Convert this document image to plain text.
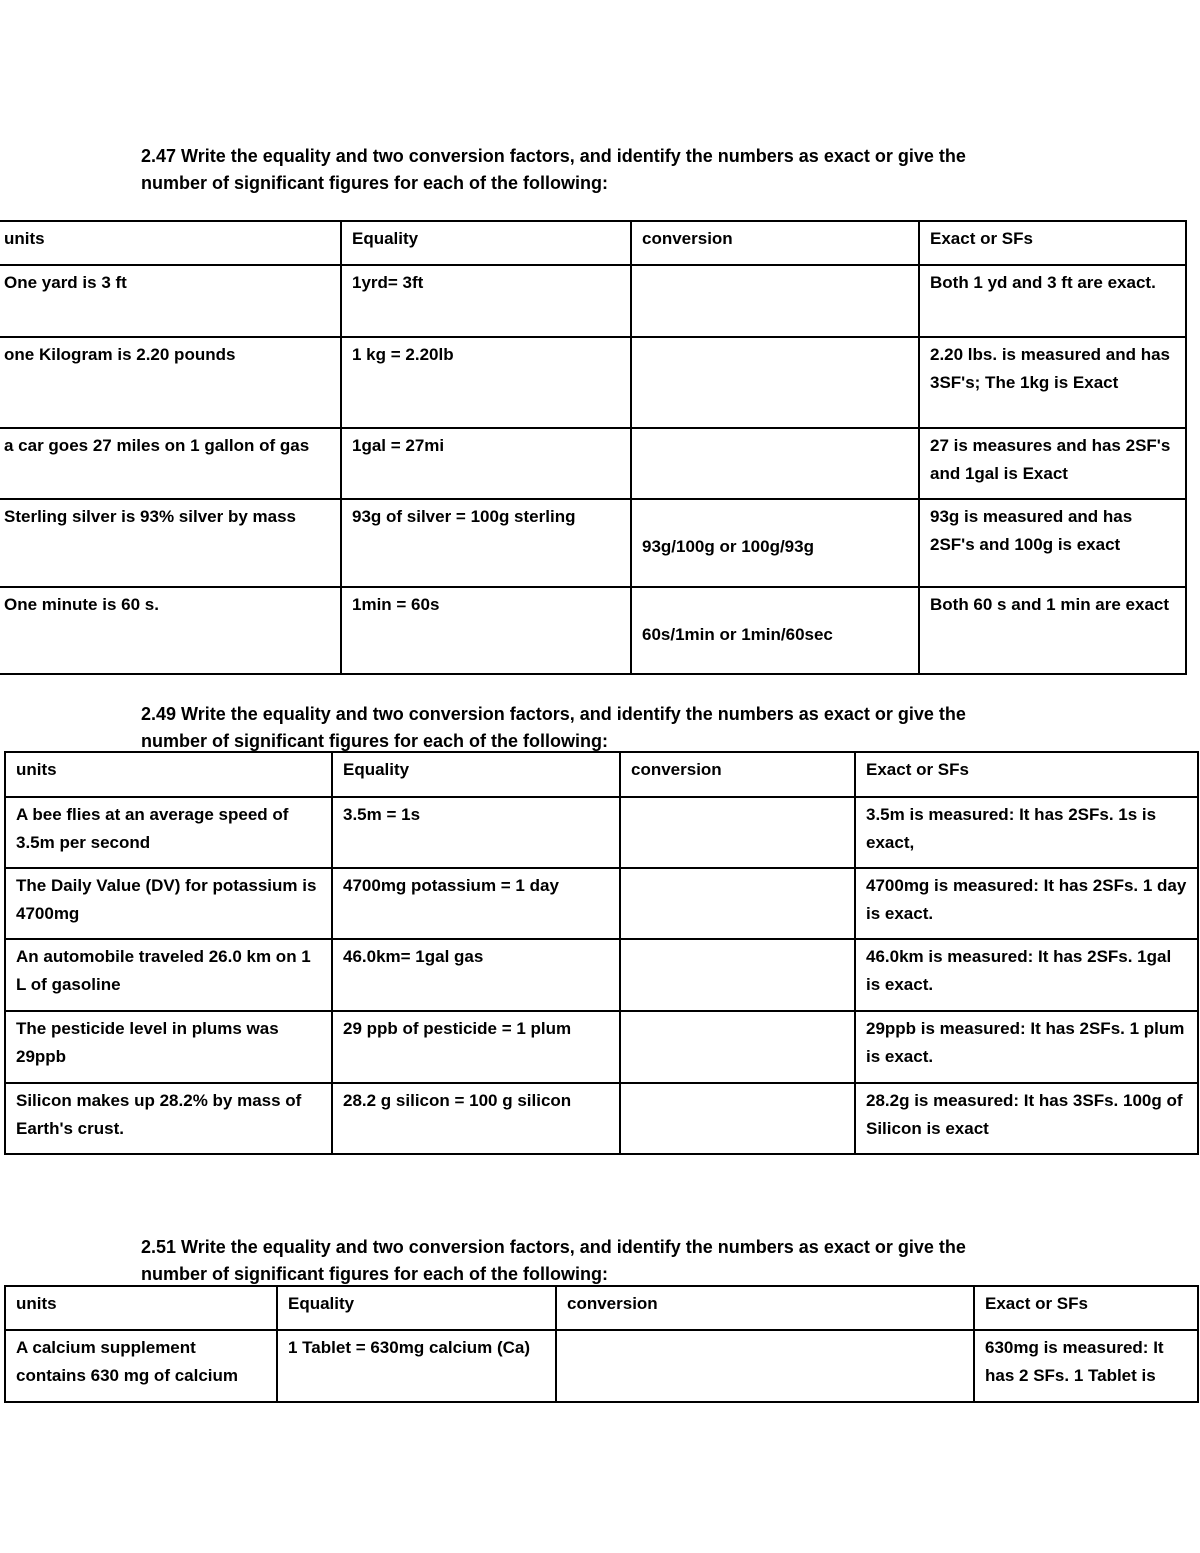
2.47 Write the equality and two conversion factors, and identify the numbers as exact or give the
number of significant figures for each of the following:
units	Equality	conversion	Exact or SFs
One yard is 3 ft	1yrd= 3ft		Both 1 yd and 3 ft are exact.
one Kilogram is 2.20 pounds	1 kg = 2.20lb		2.20 lbs. is measured and has 3SF's; The 1kg is Exact
a car goes 27 miles on 1 gallon of gas	1gal = 27mi		27 is measures and has 2SF's and 1gal is Exact
Sterling silver is 93% silver by mass	93g of silver = 100g sterling	93g/100g or 100g/93g	93g is measured and has 2SF's and 100g is exact
One minute is 60 s.	1min = 60s	60s/1min or 1min/60sec	Both 60 s and 1 min are exact
2.49 Write the equality and two conversion factors, and identify the numbers as exact or give the
number of significant figures for each of the following:
units	Equality	conversion	Exact or SFs
A bee flies at an average speed of 3.5m per second	3.5m = 1s		3.5m is measured: It has 2SFs. 1s is exact,
The Daily Value (DV) for potassium is 4700mg	4700mg potassium = 1 day		4700mg is measured: It has 2SFs. 1 day is exact.
An automobile traveled 26.0 km on 1 L of gasoline	46.0km= 1gal gas		46.0km is measured: It has 2SFs. 1gal is exact.
The pesticide level in plums was 29ppb	29 ppb of pesticide = 1 plum		29ppb is measured: It has 2SFs. 1 plum is exact.
Silicon makes up 28.2% by mass of Earth's crust.	28.2 g silicon = 100 g silicon		28.2g is measured: It has 3SFs. 100g of Silicon is exact
2.51 Write the equality and two conversion factors, and identify the numbers as exact or give the
number of significant figures for each of the following:
units	Equality	conversion	Exact or SFs
A calcium supplement contains 630 mg of calcium	1 Tablet = 630mg calcium (Ca)		630mg is measured: It has 2 SFs. 1 Tablet is
